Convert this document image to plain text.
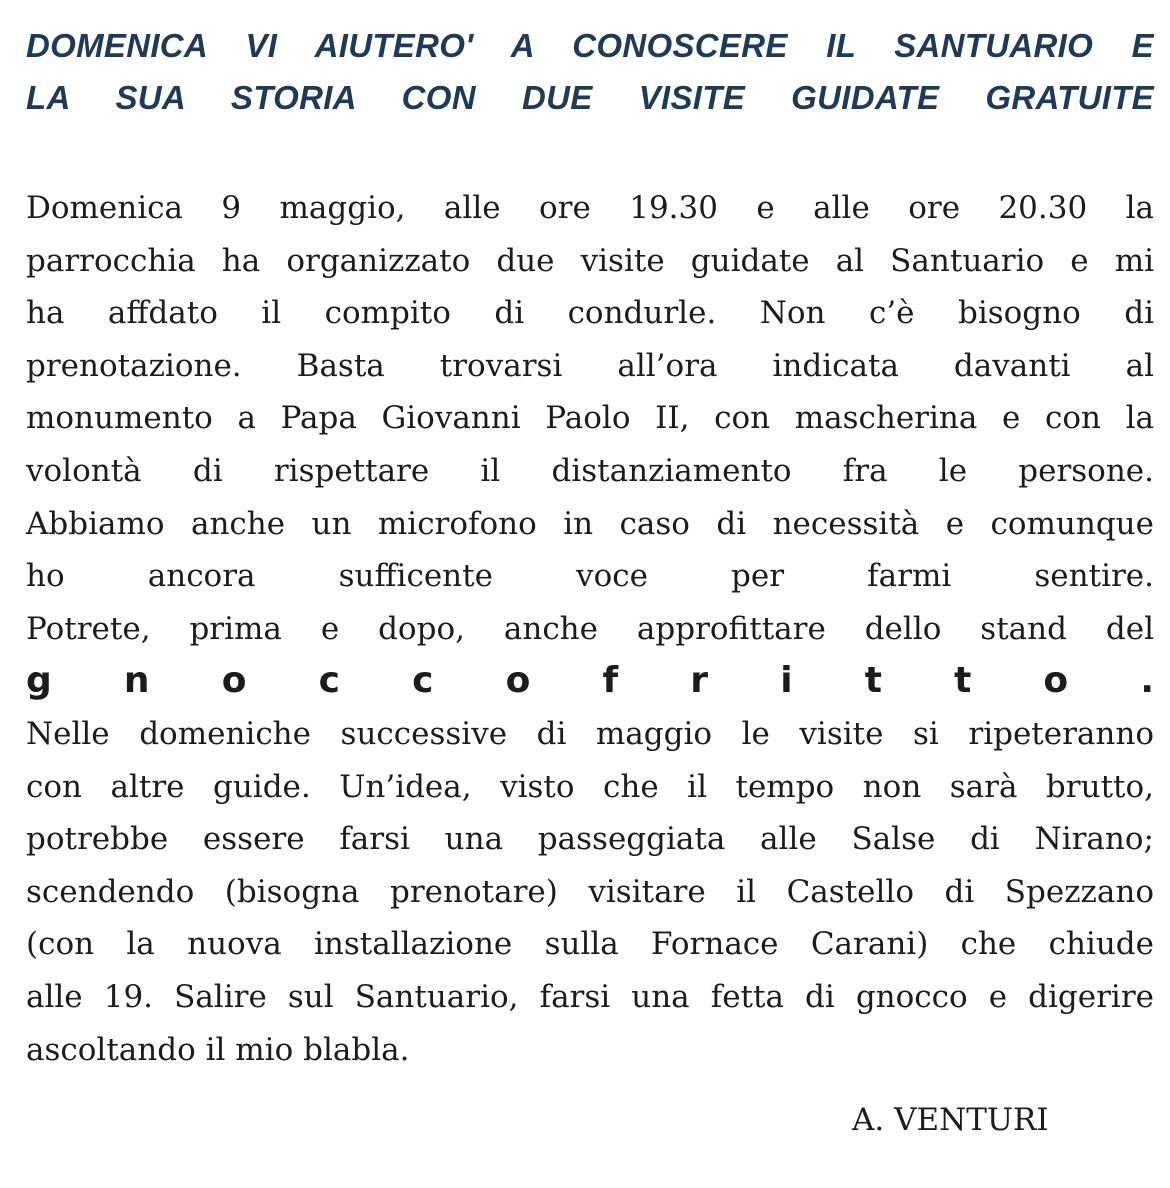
DOMENICA VI AIUTERO' A CONOSCERE IL SANTUARIO E
LA SUA STORIA CON DUE VISITE GUIDATE GRATUITE
Domenica 9 maggio, alle ore 19.30 e alle ore 20.30 la
parrocchia ha organizzato due visite guidate al Santuario e mi
ha affdato il compito di condurle. Non c’è bisogno di
prenotazione. Basta trovarsi all’ora indicata davanti al
monumento a Papa Giovanni Paolo II, con mascherina e con la
volontà di rispettare il distanziamento fra le persone.
Abbiamo anche un microfono in caso di necessità e comunque
ho ancora sufficente voce per farmi sentire.
Potrete, prima e dopo, anche approfittare dello stand del
g n o c c o f r i t t o .
Nelle domeniche successive di maggio le visite si ripeteranno
con altre guide. Un’idea, visto che il tempo non sarà brutto,
potrebbe essere farsi una passeggiata alle Salse di Nirano;
scendendo (bisogna prenotare) visitare il Castello di Spezzano
(con la nuova installazione sulla Fornace Carani) che chiude
alle 19. Salire sul Santuario, farsi una fetta di gnocco e digerire
ascoltando il mio blabla.
A. VENTURI
